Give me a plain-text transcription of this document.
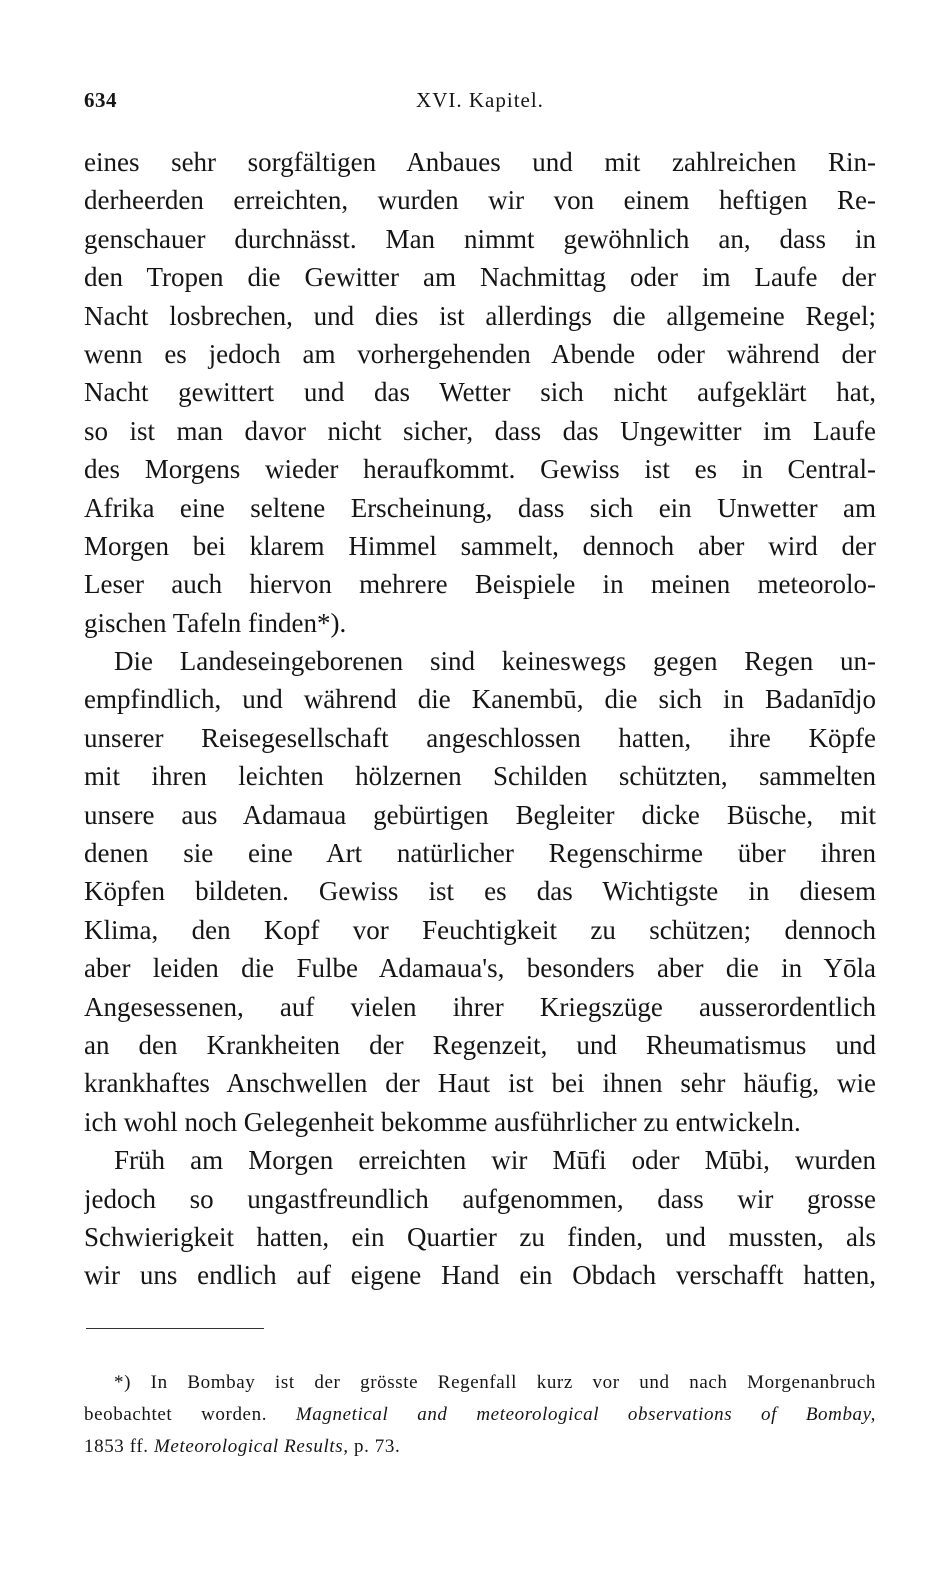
634	XVI. Kapitel.
eines sehr sorgfältigen Anbaues und mit zahlreichen Rin-
derheerden erreichten, wurden wir von einem heftigen Re-
genschauer durchnässt. Man nimmt gewöhnlich an, dass in
den Tropen die Gewitter am Nachmittag oder im Laufe der
Nacht losbrechen, und dies ist allerdings die allgemeine Regel;
wenn es jedoch am vorhergehenden Abende oder während der
Nacht gewittert und das Wetter sich nicht aufgeklärt hat,
so ist man davor nicht sicher, dass das Ungewitter im Laufe
des Morgens wieder heraufkommt. Gewiss ist es in Central-
Afrika eine seltene Erscheinung, dass sich ein Unwetter am
Morgen bei klarem Himmel sammelt, dennoch aber wird der
Leser auch hiervon mehrere Beispiele in meinen meteorolo-
gischen Tafeln finden*).
Die Landeseingeborenen sind keineswegs gegen Regen un-
empfindlich, und während die Kanembū, die sich in Badanīdjo
unserer Reisegesellschaft angeschlossen hatten, ihre Köpfe
mit ihren leichten hölzernen Schilden schützten, sammelten
unsere aus Adamaua gebürtigen Begleiter dicke Büsche, mit
denen sie eine Art natürlicher Regenschirme über ihren
Köpfen bildeten. Gewiss ist es das Wichtigste in diesem
Klima, den Kopf vor Feuchtigkeit zu schützen; dennoch
aber leiden die Fulbe Adamaua's, besonders aber die in Yōla
Angesessenen, auf vielen ihrer Kriegszüge ausserordentlich
an den Krankheiten der Regenzeit, und Rheumatismus und
krankhaftes Anschwellen der Haut ist bei ihnen sehr häufig, wie
ich wohl noch Gelegenheit bekomme ausführlicher zu entwickeln.
Früh am Morgen erreichten wir Mūfi oder Mūbi, wurden
jedoch so ungastfreundlich aufgenommen, dass wir grosse
Schwierigkeit hatten, ein Quartier zu finden, und mussten, als
wir uns endlich auf eigene Hand ein Obdach verschafft hatten,
*) In Bombay ist der grösste Regenfall kurz vor und nach Morgenanbruch
beobachtet worden. Magnetical and meteorological observations of Bombay,
1853 ff. Meteorological Results, p. 73.
